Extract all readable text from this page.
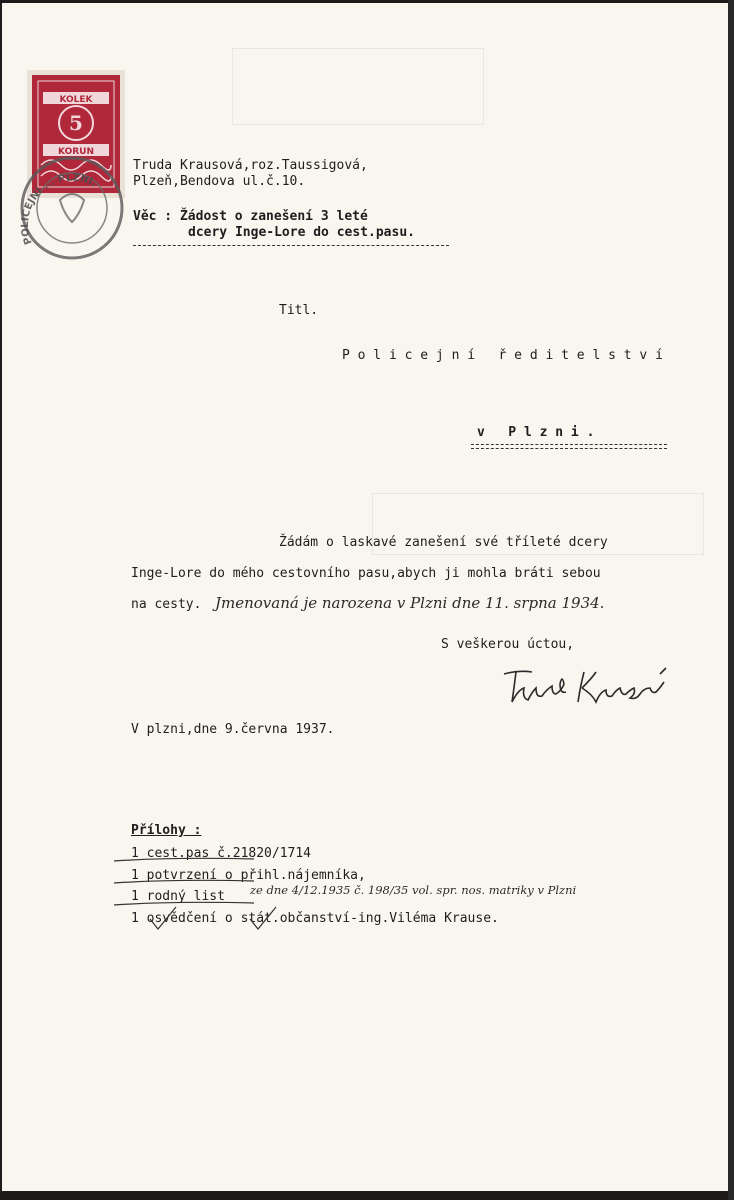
KOLEK
5
KORUN
POLICEJNÍ ... PLZNI.
Truda Krausová,roz.Taussigová,
Plzeň,Bendova ul.č.10.
Věc : Žádost o zanešení 3 leté
dcery Inge-Lore do cest.pasu.
Titl.
P o l i c e j n í   ř e d i t e l s t v í
v   P l z n i .
Žádám o laskavé zanešení své tříleté dcery
Inge-Lore do mého cestovního pasu,abych ji mohla bráti sebou
na cesty. Jmenovaná je narozena v Plzni dne 11. srpna 1934.
S veškerou úctou,
V plzni,dne 9.června 1937.
Přílohy :
1 cest.pas č.21820/1714
1 potvrzení o přihl.nájemníka,
1 rodný list ze dne 4/12.1935 č. 198/35 vol. spr. nos. matriky v Plzni
1 osvědčení o stát.občanství-ing.Viléma Krause.
